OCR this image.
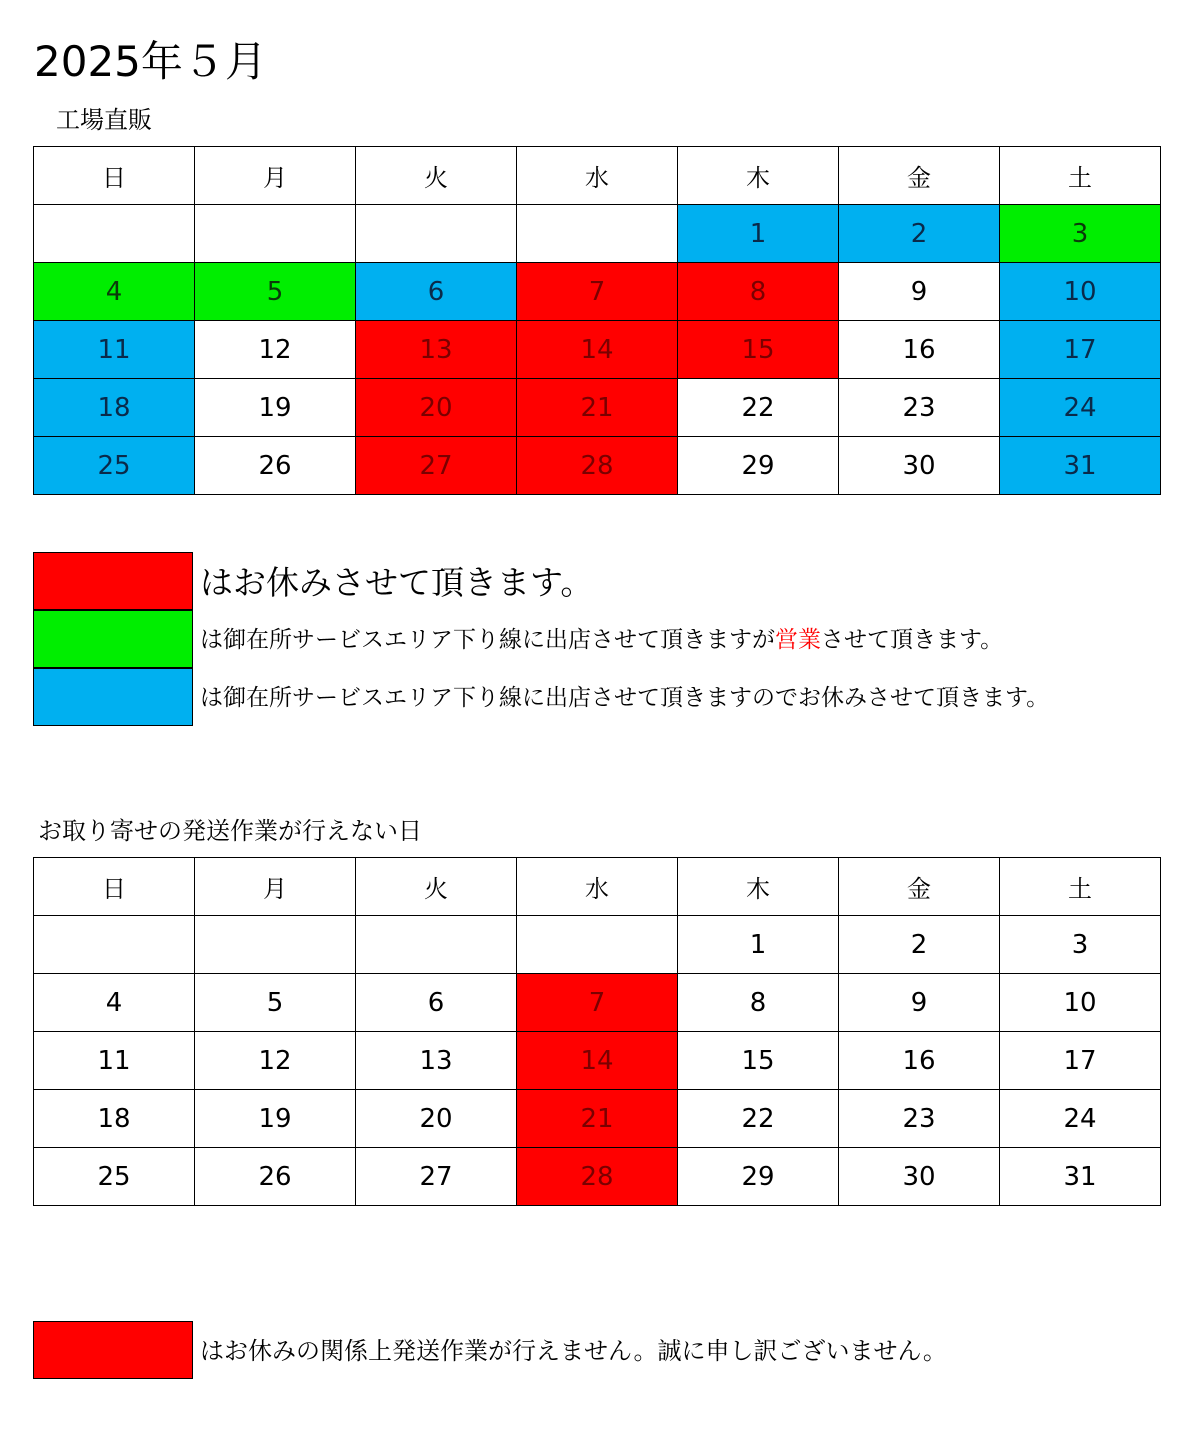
2025年５月
工場直販
日	月	火	水	木	金	土
				1	2	3
4	5	6	7	8	9	10
11	12	13	14	15	16	17
18	19	20	21	22	23	24
25	26	27	28	29	30	31
はお休みさせて頂きます。
は御在所サービスエリア下り線に出店させて頂きますが営業させて頂きます。
は御在所サービスエリア下り線に出店させて頂きますのでお休みさせて頂きます。
お取り寄せの発送作業が行えない日
日	月	火	水	木	金	土
				1	2	3
4	5	6	7	8	9	10
11	12	13	14	15	16	17
18	19	20	21	22	23	24
25	26	27	28	29	30	31
はお休みの関係上発送作業が行えません。誠に申し訳ございません。
